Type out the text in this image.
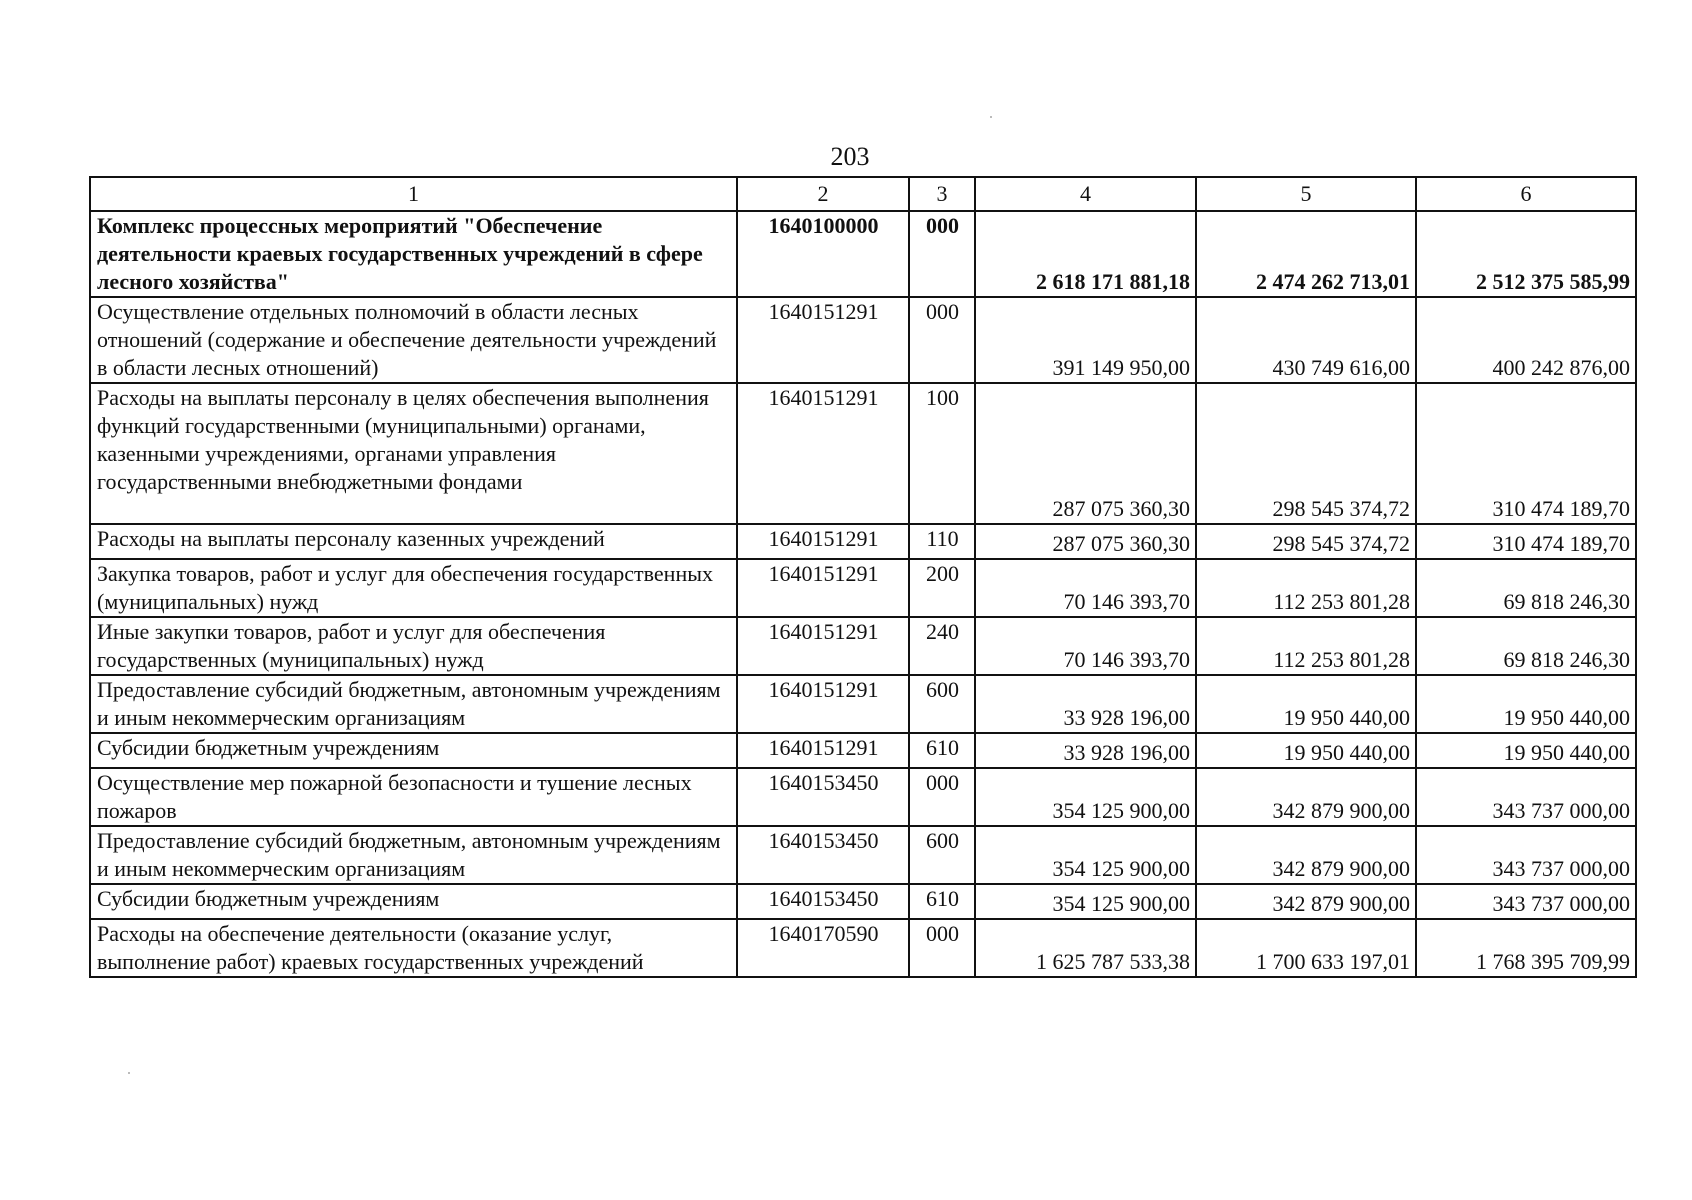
203
1	2	3	4	5	6
Комплекс процессных мероприятий "Обеспечение деятельности краевых государственных учреждений в сфере лесного хозяйства"	1640100000	000	2 618 171 881,18	2 474 262 713,01	2 512 375 585,99
Осуществление отдельных полномочий в области лесных отношений (содержание и обеспечение деятельности учреждений в области лесных отношений)	1640151291	000	391 149 950,00	430 749 616,00	400 242 876,00
Расходы на выплаты персоналу в целях обеспечения выполнения функций государственными (муниципальными) органами, казенными учреждениями, органами управления государственными внебюджетными фондами	1640151291	100	287 075 360,30	298 545 374,72	310 474 189,70
Расходы на выплаты персоналу казенных учреждений	1640151291	110	287 075 360,30	298 545 374,72	310 474 189,70
Закупка товаров, работ и услуг для обеспечения государственных (муниципальных) нужд	1640151291	200	70 146 393,70	112 253 801,28	69 818 246,30
Иные закупки товаров, работ и услуг для обеспечения государственных (муниципальных) нужд	1640151291	240	70 146 393,70	112 253 801,28	69 818 246,30
Предоставление субсидий бюджетным, автономным учреждениям и иным некоммерческим организациям	1640151291	600	33 928 196,00	19 950 440,00	19 950 440,00
Субсидии бюджетным учреждениям	1640151291	610	33 928 196,00	19 950 440,00	19 950 440,00
Осуществление мер пожарной безопасности и тушение лесных пожаров	1640153450	000	354 125 900,00	342 879 900,00	343 737 000,00
Предоставление субсидий бюджетным, автономным учреждениям и иным некоммерческим организациям	1640153450	600	354 125 900,00	342 879 900,00	343 737 000,00
Субсидии бюджетным учреждениям	1640153450	610	354 125 900,00	342 879 900,00	343 737 000,00
Расходы на обеспечение деятельности (оказание услуг, выполнение работ) краевых государственных учреждений	1640170590	000	1 625 787 533,38	1 700 633 197,01	1 768 395 709,99
